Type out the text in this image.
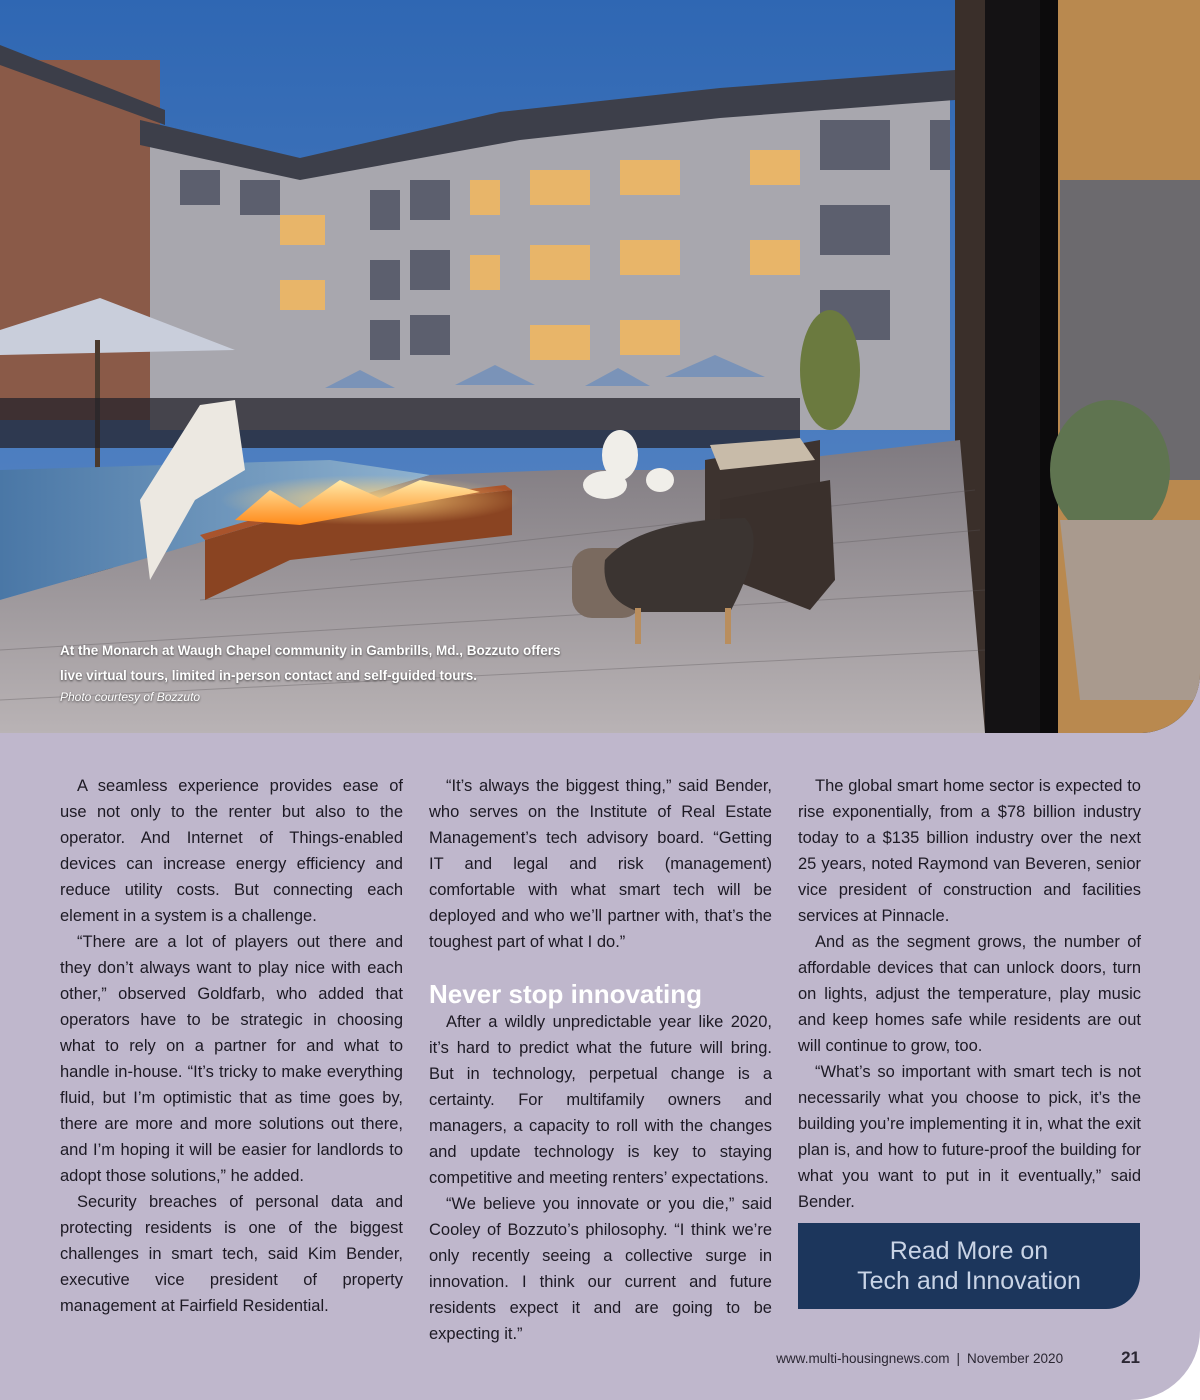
At the Monarch at Waugh Chapel community in Gambrills, Md., Bozzuto offers live virtual tours, limited in-person contact and self-guided tours.
Photo courtesy of Bozzuto

A seamless experience provides ease of use not only to the renter but also to the operator. And Internet of Things-enabled devices can increase energy efficiency and reduce utility costs. But connecting each element in a system is a challenge.

“There are a lot of players out there and they don’t always want to play nice with each other,” observed Goldfarb, who added that operators have to be strategic in choosing what to rely on a partner for and what to handle in-house. “It’s tricky to make everything fluid, but I’m optimistic that as time goes by, there are more and more solutions out there, and I’m hoping it will be easier for landlords to adopt those solutions,” he added.

Security breaches of personal data and protecting residents is one of the biggest challenges in smart tech, said Kim Bender, executive vice president of property management at Fairfield Residential.

“It’s always the biggest thing,” said Bender, who serves on the Institute of Real Estate Management’s tech advisory board. “Getting IT and legal and risk (management) comfortable with what smart tech will be deployed and who we’ll partner with, that’s the toughest part of what I do.”

Never stop innovating

After a wildly unpredictable year like 2020, it’s hard to predict what the future will bring. But in technology, perpetual change is a certainty. For multifamily owners and managers, a capacity to roll with the changes and update technology is key to staying competitive and meeting renters’ expectations.

“We believe you innovate or you die,” said Cooley of Bozzuto’s philosophy. “I think we’re only recently seeing a collective surge in innovation. I think our current and future residents expect it and are going to be expecting it.”

The global smart home sector is expected to rise exponentially, from a $78 billion industry today to a $135 billion industry over the next 25 years, noted Raymond van Beveren, senior vice president of construction and facilities services at Pinnacle.

And as the segment grows, the number of affordable devices that can unlock doors, turn on lights, adjust the temperature, play music and keep homes safe while residents are out will continue to grow, too.

“What’s so important with smart tech is not necessarily what you choose to pick, it’s the building you’re implementing it in, what the exit plan is, and how to future-proof the building for what you want to put in it eventually,” said Bender.

Read More on
Tech and Innovation
www.multi-housingnews.com | November 2020	21
